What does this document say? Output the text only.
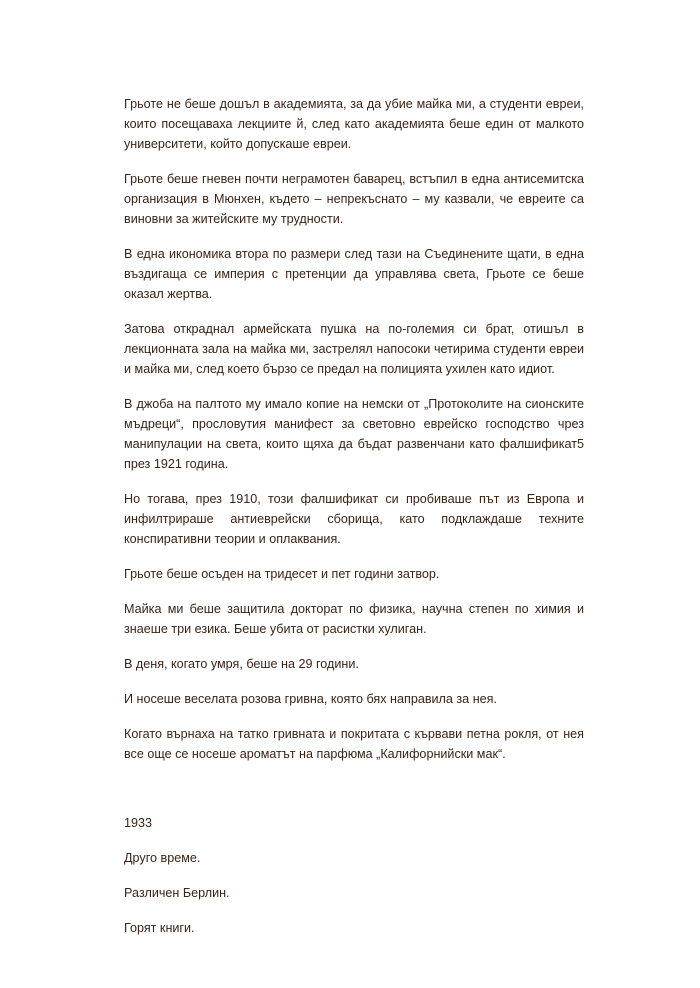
Грьоте не беше дошъл в академията, за да убие майка ми, а студенти евреи, които посещаваха лекциите й, след като академията беше един от малкото университети, който допускаше евреи.

Грьоте беше гневен почти неграмотен баварец, встъпил в една антисемитска организация в Мюнхен, където – непрекъснато – му казвали, че евреите са виновни за житейските му трудности.

В една икономика втора по размери след тази на Съединените щати, в една въздигаща се империя с претенции да управлява света, Грьоте се беше оказал жертва.

Затова откраднал армейската пушка на по-големия си брат, отишъл в лекционната зала на майка ми, застрелял напосоки четирима студенти евреи и майка ми, след което бързо се предал на полицията ухилен като идиот.

В джоба на палтото му имало копие на немски от „Протоколите на сионските мъдреци“, прословутия манифест за световно еврейско господство чрез манипулации на света, които щяха да бъдат развенчани като фалшификат5 през 1921 година.

Но тогава, през 1910, този фалшификат си пробиваше път из Европа и инфилтрираше антиеврейски сборища, като подклаждаше техните конспиративни теории и оплаквания.

Грьоте беше осъден на тридесет и пет години затвор.

Майка ми беше защитила докторат по физика, научна степен по химия и знаеше три езика. Беше убита от расистки хулиган.

В деня, когато умря, беше на 29 години.

И носеше веселата розова гривна, която бях направила за нея.

Когато върнаха на татко гривната и покритата с кървави петна рокля, от нея все още се носеше ароматът на парфюма „Калифорнийски мак“.

1933

Друго време.

Различен Берлин.

Горят книги.
